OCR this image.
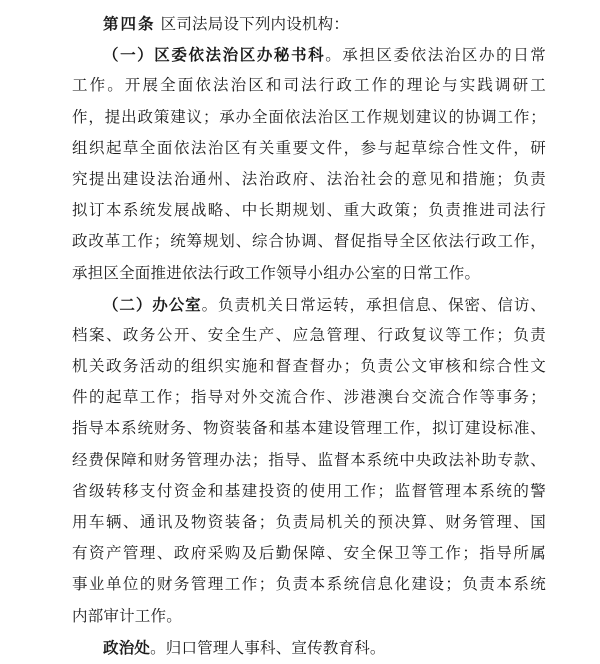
第四条 区司法局设下列内设机构：
（一）区委依法治区办秘书科。承担区委依法治区办的日常
工作。开展全面依法治区和司法行政工作的理论与实践调研工
作，提出政策建议；承办全面依法治区工作规划建议的协调工作；
组织起草全面依法治区有关重要文件，参与起草综合性文件，研
究提出建设法治通州、法治政府、法治社会的意见和措施；负责
拟订本系统发展战略、中长期规划、重大政策；负责推进司法行
政改革工作；统筹规划、综合协调、督促指导全区依法行政工作，
承担区全面推进依法行政工作领导小组办公室的日常工作。
（二）办公室。负责机关日常运转，承担信息、保密、信访、
档案、政务公开、安全生产、应急管理、行政复议等工作；负责
机关政务活动的组织实施和督查督办；负责公文审核和综合性文
件的起草工作；指导对外交流合作、涉港澳台交流合作等事务；
指导本系统财务、物资装备和基本建设管理工作，拟订建设标准、
经费保障和财务管理办法；指导、监督本系统中央政法补助专款、
省级转移支付资金和基建投资的使用工作；监督管理本系统的警
用车辆、通讯及物资装备；负责局机关的预决算、财务管理、国
有资产管理、政府采购及后勤保障、安全保卫等工作；指导所属
事业单位的财务管理工作；负责本系统信息化建设；负责本系统
内部审计工作。
政治处。归口管理人事科、宣传教育科。
